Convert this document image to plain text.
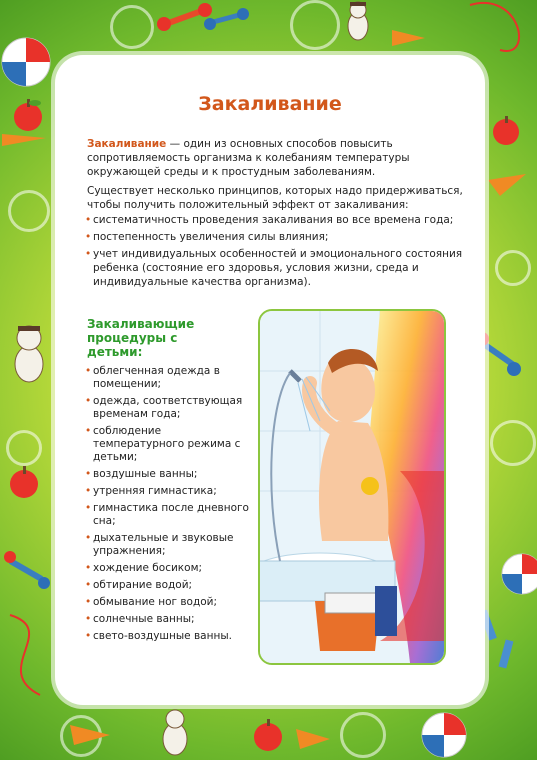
Закаливание
Закаливание — один из основных способов повысить сопротивляемость организма к колебаниям температуры окружающей среды и к простудным заболеваниям.
Существует несколько принципов, которых надо придерживаться, чтобы получить положительный эффект от закаливания:
• систематичность проведения закаливания во все времена года;
• постепенность увеличения силы влияния;
• учет индивидуальных особенностей и эмоционального состояния ребенка (состояние его здоровья, условия жизни, среда и индивидуальные качества организма).
Закаливающие процедуры с детьми:
• облегченная одежда в помещении;
• одежда, соответствующая временам года;
• соблюдение температурного режима с детьми;
• воздушные ванны;
• утренняя гимнастика;
• гимнастика после дневного сна;
• дыхательные и звуковые упражнения;
• хождение босиком;
• обтирание водой;
• обмывание ног водой;
• солнечные ванны;
• свето-воздушные ванны.
